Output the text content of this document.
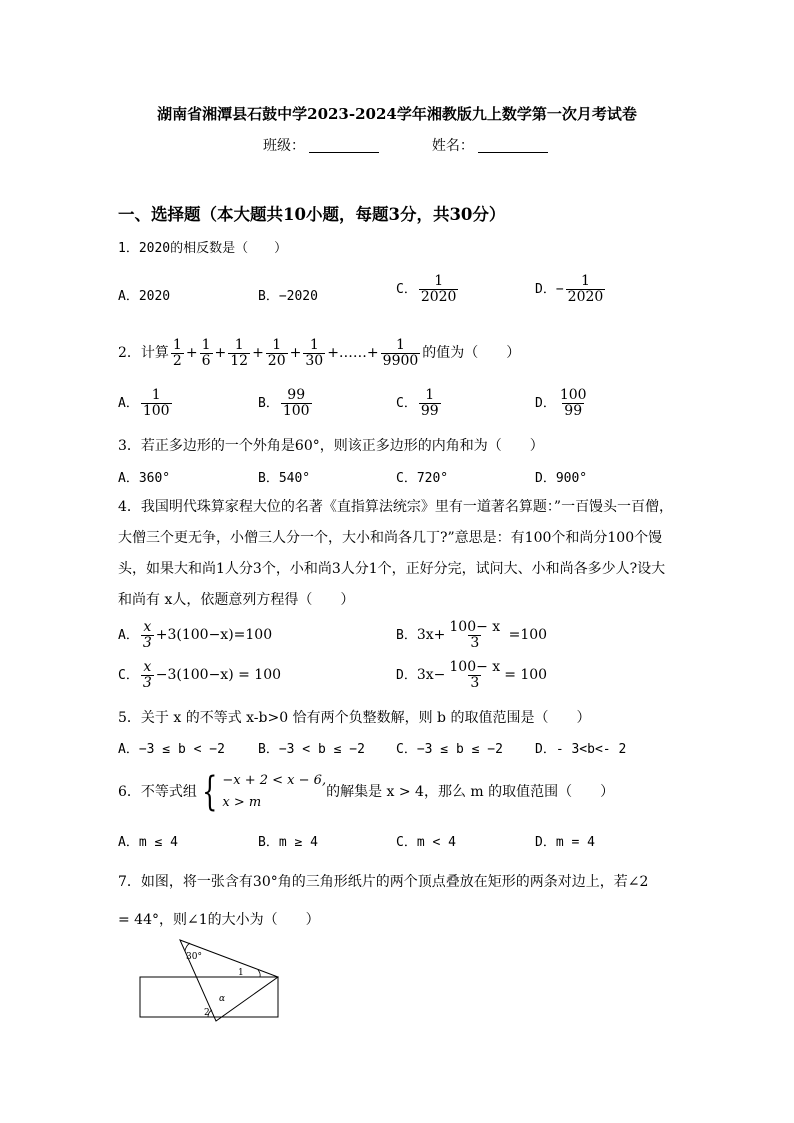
湖南省湘潭县石鼓中学2023-2024学年湘教版九上数学第一次月考试卷
班级：	姓名：
一、选择题（本大题共10小题，每题3分，共30分）
1．2020的相反数是（　　）
A．2020	B．−2020	C． $\frac{1}{2020}$	D．− $\frac{1}{2020}$
2．计算 $\frac{1}{2} + \frac{1}{6} + \frac{1}{12} + \frac{1}{20} + \frac{1}{30}$ +……+ $\frac{1}{9900}$ 的值为（　　）
A． $\frac{1}{100}$	B． $\frac{99}{100}$	C． $\frac{1}{99}$	D． $\frac{100}{99}$
3．若正多边形的一个外角是60°，则该正多边形的内角和为（　　）
A．360°	B．540°	C．720°	D．900°
4．我国明代珠算家程大位的名著《直指算法统宗》里有一道著名算题：”一百馒头一百僧，大僧三个更无争，小僧三人分一个，大小和尚各几丁?”意思是：有100个和尚分100个馒头，如果大和尚1人分3个，小和尚3人分1个，正好分完，试问大、小和尚各多少人?设大和尚有 x人，依题意列方程得（　　）
A． $\frac{x}{3} +3(100-x)=100$	B．$3x+ \frac{100- x}{3} =100$
C． $\frac{x}{3} -3(100-x) = 100$	D．$3x- \frac{100- x}{3} = 100$
5．关于 x 的不等式 x-b>0 恰有两个负整数解，则 b 的取值范围是（　　）
A．−3 ≤ b < −2	B．−3 < b ≤ −2 C．−3 ≤ b ≤ −2 D．- 3<b<- 2
6．不等式组 { −x + 2 < x − 6,
x > m
的解集是 x > 4，那么 m 的取值范围（　　）
A．m ≤ 4	B．m ≥ 4	C．m < 4	D．m = 4
7．如图，将一张含有30°角的三角形纸片的两个顶点叠放在矩形的两条对边上，若∠2 = 44°，则∠1的大小为（　　）
30°
1
α
2
